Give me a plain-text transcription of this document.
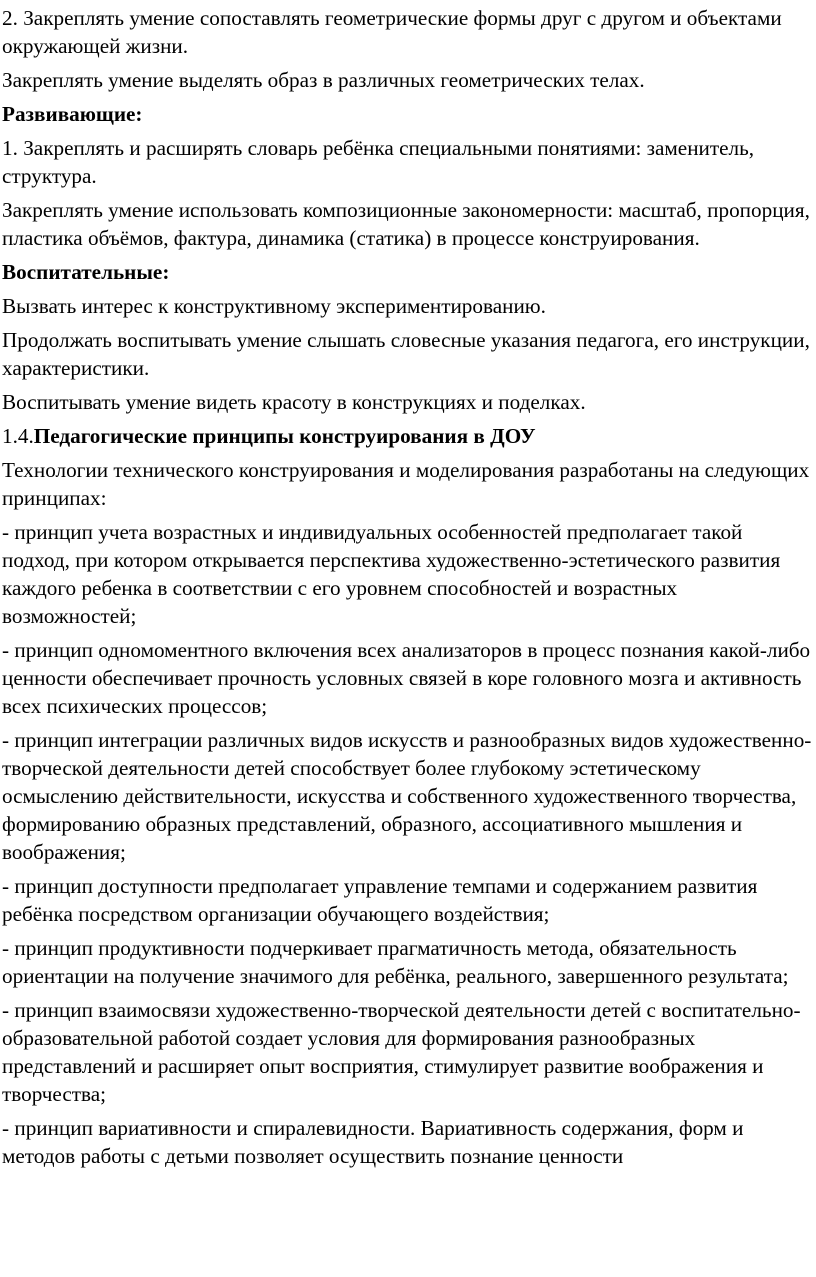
2. Закреплять умение сопоставлять геометрические формы друг с другом и объектами окружающей жизни.

Закреплять умение выделять образ в различных геометрических телах.

Развивающие:

1. Закреплять и расширять словарь ребёнка специальными понятиями: заменитель, структура.

Закреплять умение использовать композиционные закономерности: масштаб, пропорция, пластика объёмов, фактура, динамика (статика) в процессе конструирования.

Воспитательные:

Вызвать интерес к конструктивному экспериментированию.

Продолжать воспитывать умение слышать словесные указания педагога, его инструкции, характеристики.

Воспитывать умение видеть красоту в конструкциях и поделках.

1.4.Педагогические принципы конструирования в ДОУ

Технологии технического конструирования и моделирования разработаны на следующих принципах:

- принцип учета возрастных и индивидуальных особенностей предполагает такой подход, при котором открывается перспектива художественно-эстетического развития каждого ребенка в соответствии с его уровнем способностей и возрастных возможностей;

- принцип одномоментного включения всех анализаторов в процесс познания какой-либо ценности обеспечивает прочность условных связей в коре головного мозга и активность всех психических процессов;

- принцип интеграции различных видов искусств и разнообразных видов художественно-творческой деятельности детей способствует более глубокому эстетическому осмыслению действительности, искусства и собственного художественного творчества, формированию образных представлений, образного, ассоциативного мышления и воображения;

- принцип доступности предполагает управление темпами и содержанием развития ребёнка посредством организации обучающего воздействия;

- принцип продуктивности подчеркивает прагматичность метода, обязательность ориентации на получение значимого для ребёнка, реального, завершенного результата;

- принцип взаимосвязи художественно-творческой деятельности детей с воспитательно-образовательной работой создает условия для формирования разнообразных представлений и расширяет опыт восприятия, стимулирует развитие воображения и творчества;

- принцип вариативности и спиралевидности. Вариативность содержания, форм и методов работы с детьми позволяет осуществить познание ценности
